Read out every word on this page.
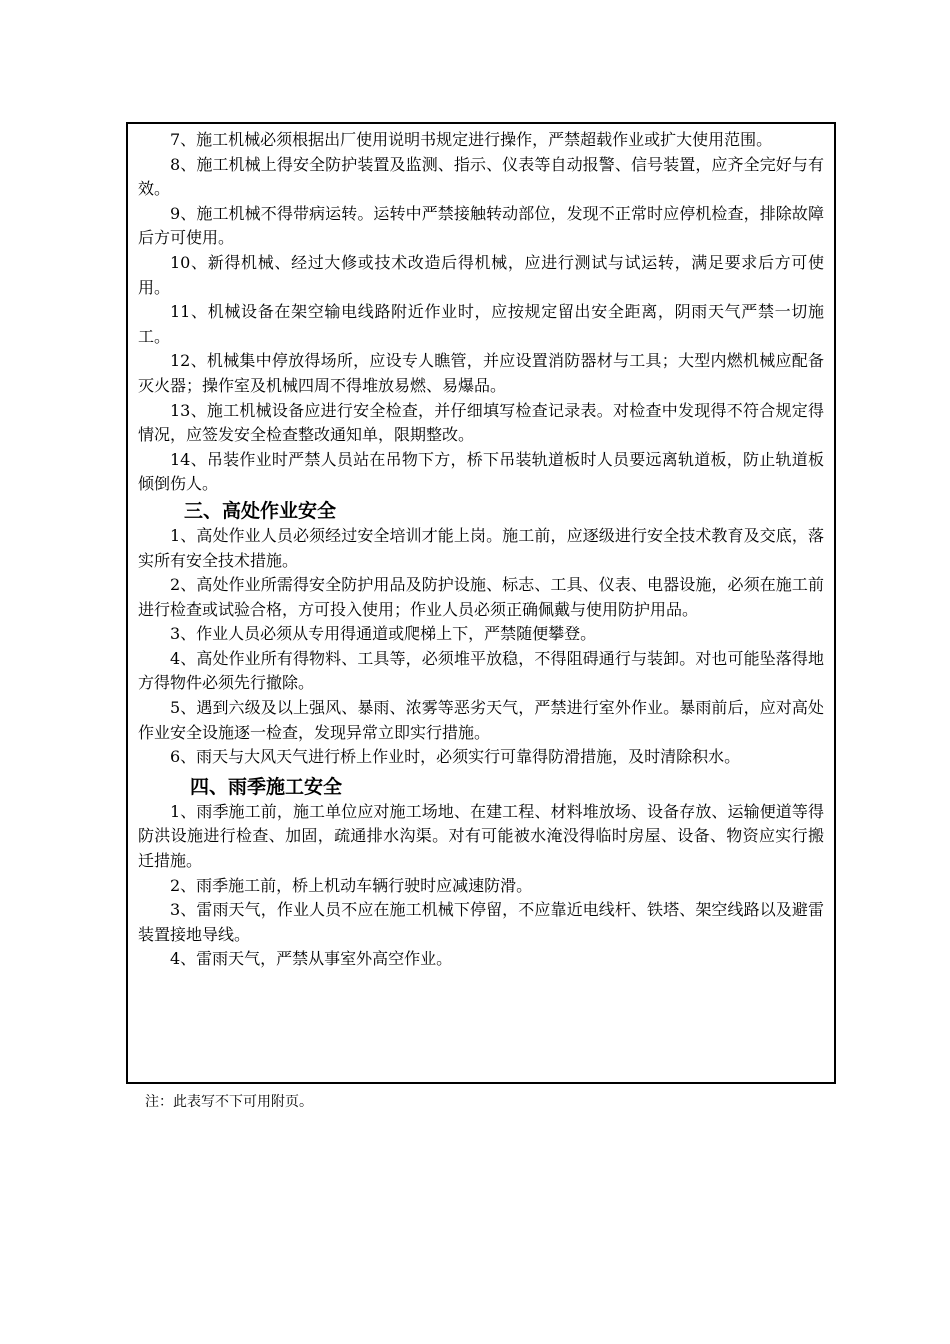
7、施工机械必须根据出厂使用说明书规定进行操作，严禁超载作业或扩大使用范围。

8、施工机械上得安全防护装置及监测、指示、仪表等自动报警、信号装置，应齐全完好与有效。

9、施工机械不得带病运转。运转中严禁接触转动部位，发现不正常时应停机检查，排除故障后方可使用。

10、新得机械、经过大修或技术改造后得机械，应进行测试与试运转，满足要求后方可使用。

11、机械设备在架空输电线路附近作业时，应按规定留出安全距离，阴雨天气严禁一切施工。

12、机械集中停放得场所，应设专人瞧管，并应设置消防器材与工具；大型内燃机械应配备灭火器；操作室及机械四周不得堆放易燃、易爆品。

13、施工机械设备应进行安全检查，并仔细填写检查记录表。对检查中发现得不符合规定得情况，应签发安全检查整改通知单，限期整改。

14、吊装作业时严禁人员站在吊物下方，桥下吊装轨道板时人员要远离轨道板，防止轨道板倾倒伤人。

三、高处作业安全

1、高处作业人员必须经过安全培训才能上岗。施工前，应逐级进行安全技术教育及交底，落实所有安全技术措施。

2、高处作业所需得安全防护用品及防护设施、标志、工具、仪表、电器设施，必须在施工前进行检查或试验合格，方可投入使用；作业人员必须正确佩戴与使用防护用品。

3、作业人员必须从专用得通道或爬梯上下，严禁随便攀登。

4、高处作业所有得物料、工具等，必须堆平放稳，不得阻碍通行与装卸。对也可能坠落得地方得物件必须先行撤除。

5、遇到六级及以上强风、暴雨、浓雾等恶劣天气，严禁进行室外作业。暴雨前后，应对高处作业安全设施逐一检查，发现异常立即实行措施。

6、雨天与大风天气进行桥上作业时，必须实行可靠得防滑措施，及时清除积水。

四、雨季施工安全

1、雨季施工前，施工单位应对施工场地、在建工程、材料堆放场、设备存放、运输便道等得防洪设施进行检查、加固，疏通排水沟渠。对有可能被水淹没得临时房屋、设备、物资应实行搬迁措施。

2、雨季施工前，桥上机动车辆行驶时应减速防滑。

3、雷雨天气，作业人员不应在施工机械下停留，不应靠近电线杆、铁塔、架空线路以及避雷装置接地导线。

4、雷雨天气，严禁从事室外高空作业。

注：此表写不下可用附页。
